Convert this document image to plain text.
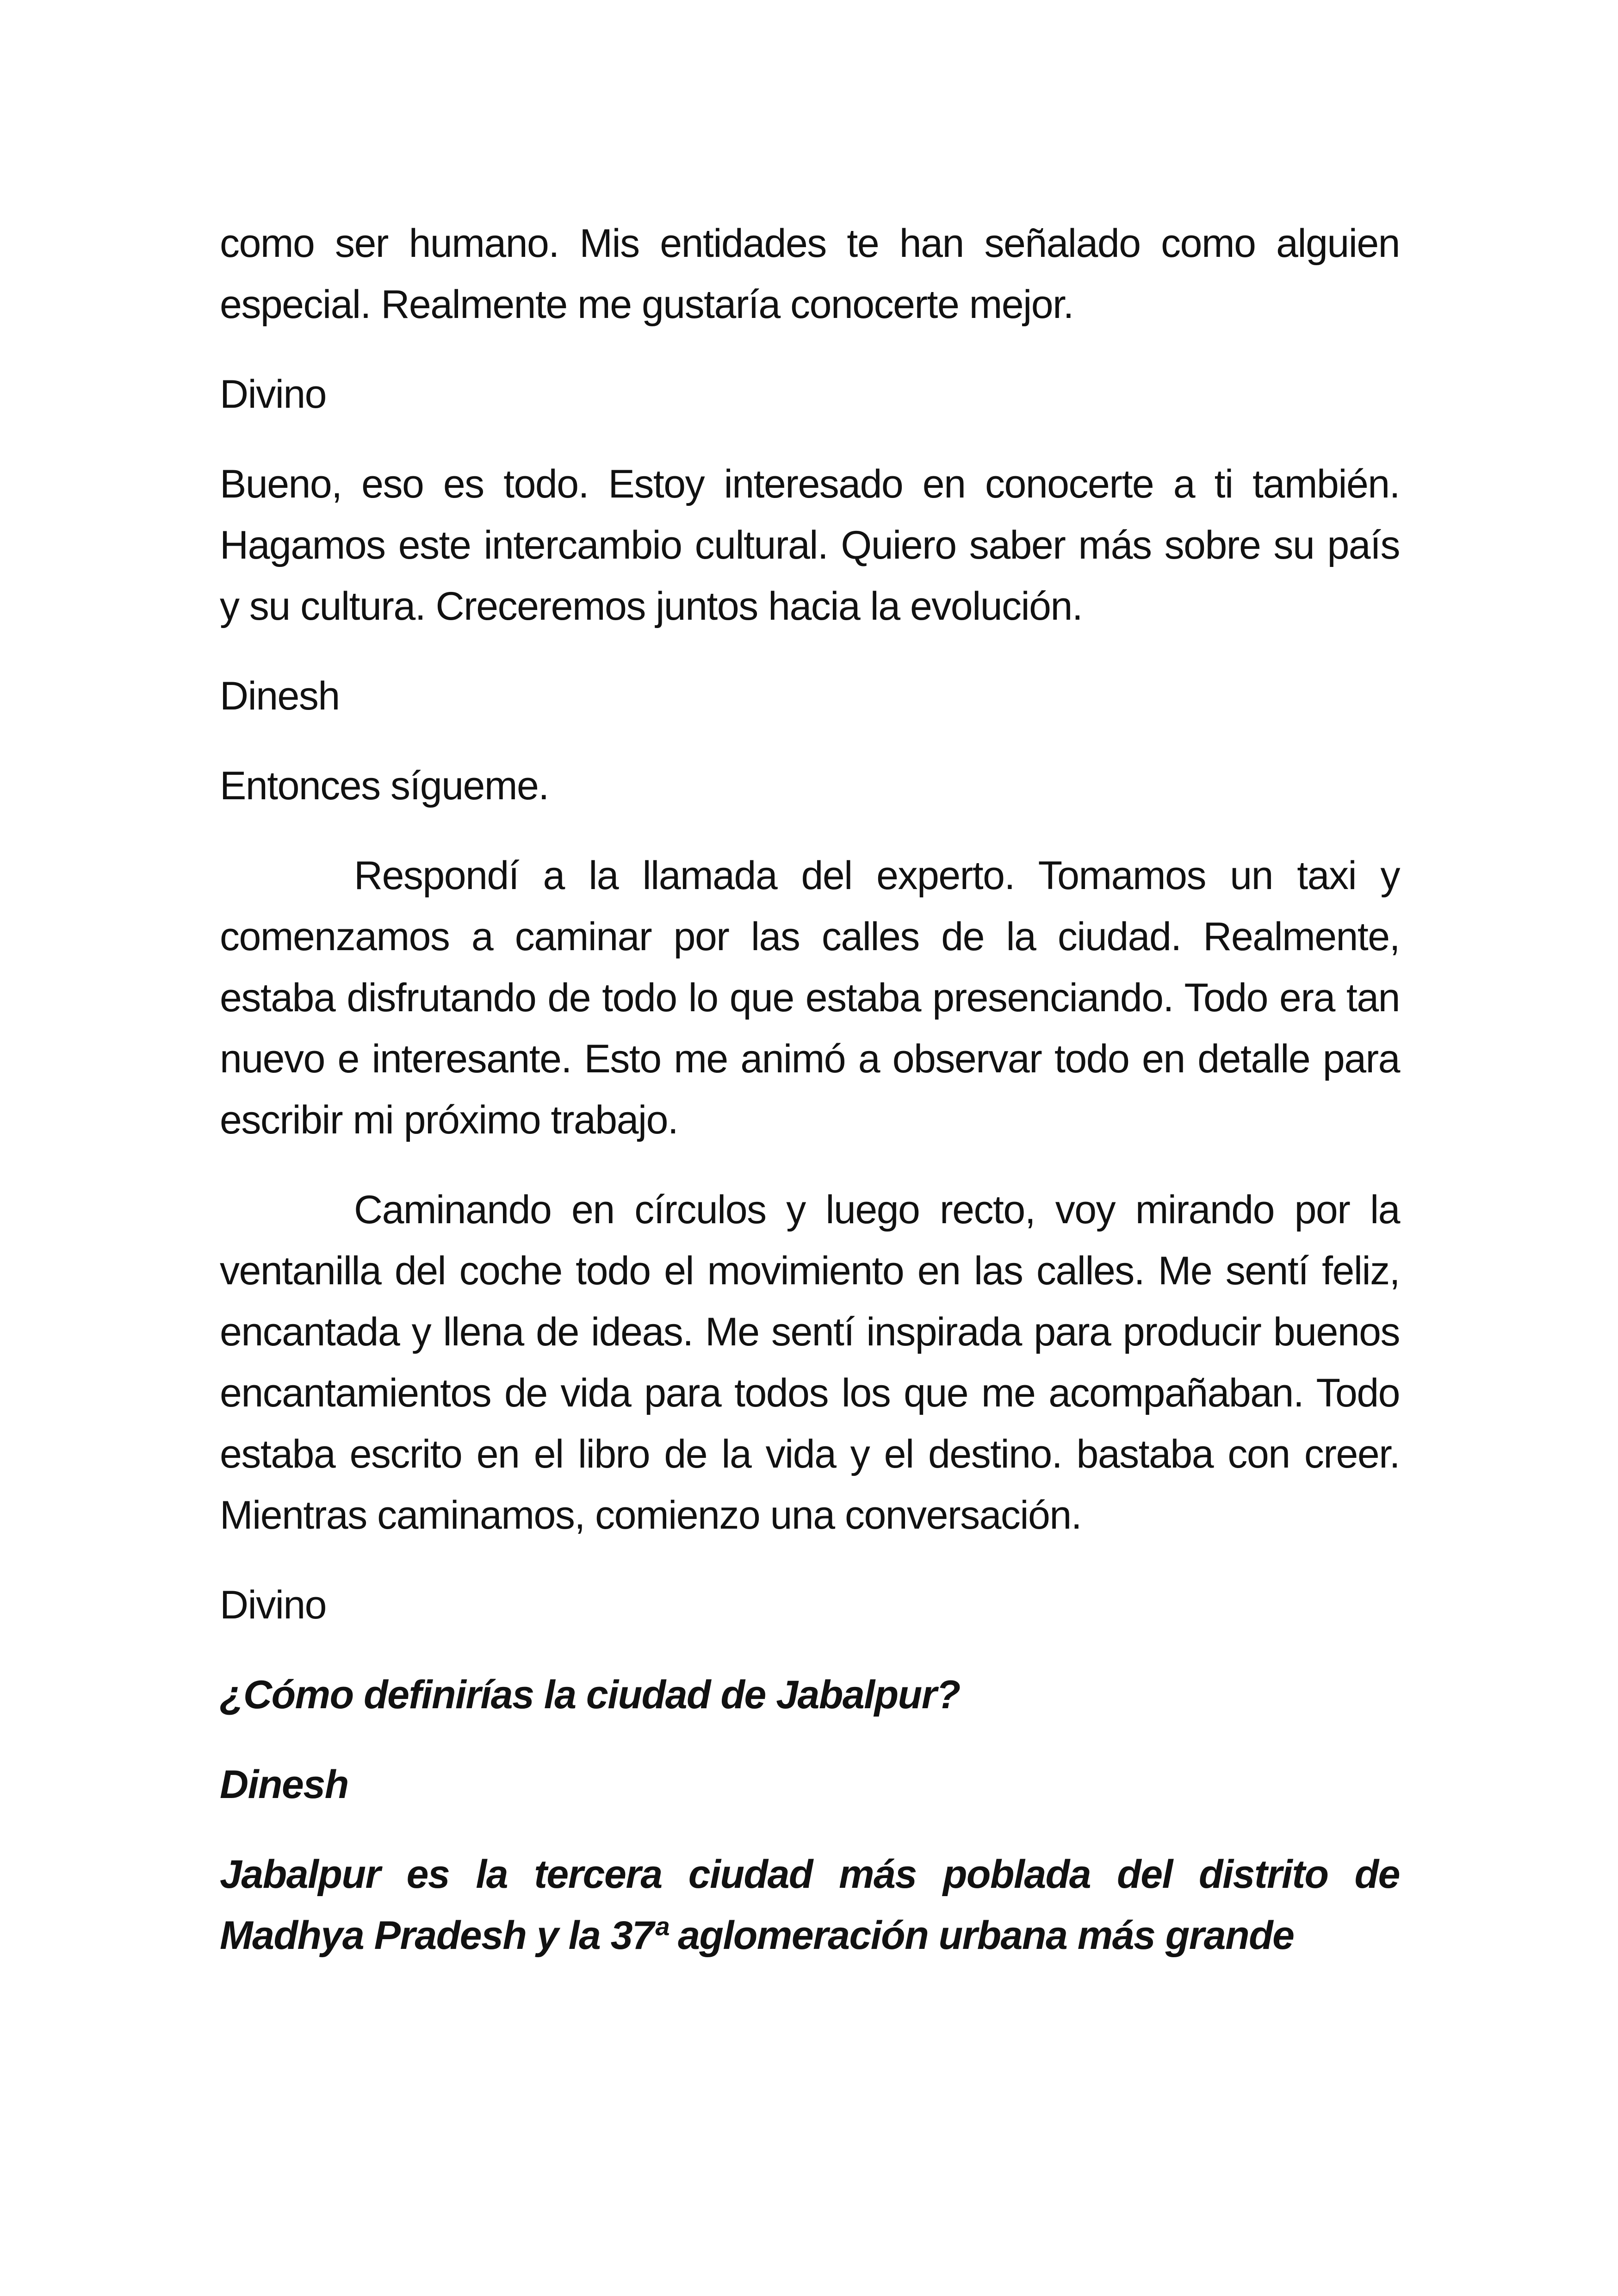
como ser humano. Mis entidades te han señalado como alguien especial. Realmente me gustaría conocerte mejor.

Divino

Bueno, eso es todo. Estoy interesado en conocerte a ti también. Hagamos este intercambio cultural. Quiero saber más sobre su país y su cultura. Creceremos juntos hacia la evolución.

Dinesh

Entonces sígueme.

Respondí a la llamada del experto. Tomamos un taxi y comenzamos a caminar por las calles de la ciudad. Realmente, estaba disfrutando de todo lo que estaba presenciando. Todo era tan nuevo e interesante. Esto me animó a observar todo en detalle para escribir mi próximo trabajo.

Caminando en círculos y luego recto, voy mirando por la ventanilla del coche todo el movimiento en las calles. Me sentí feliz, encantada y llena de ideas. Me sentí inspirada para producir buenos encantamientos de vida para todos los que me acompañaban. Todo estaba escrito en el libro de la vida y el destino. bastaba con creer. Mientras caminamos, comienzo una conversación.

Divino

¿Cómo definirías la ciudad de Jabalpur?

Dinesh

Jabalpur es la tercera ciudad más poblada del distrito de Madhya Pradesh y la 37ª aglomeración urbana más grande
